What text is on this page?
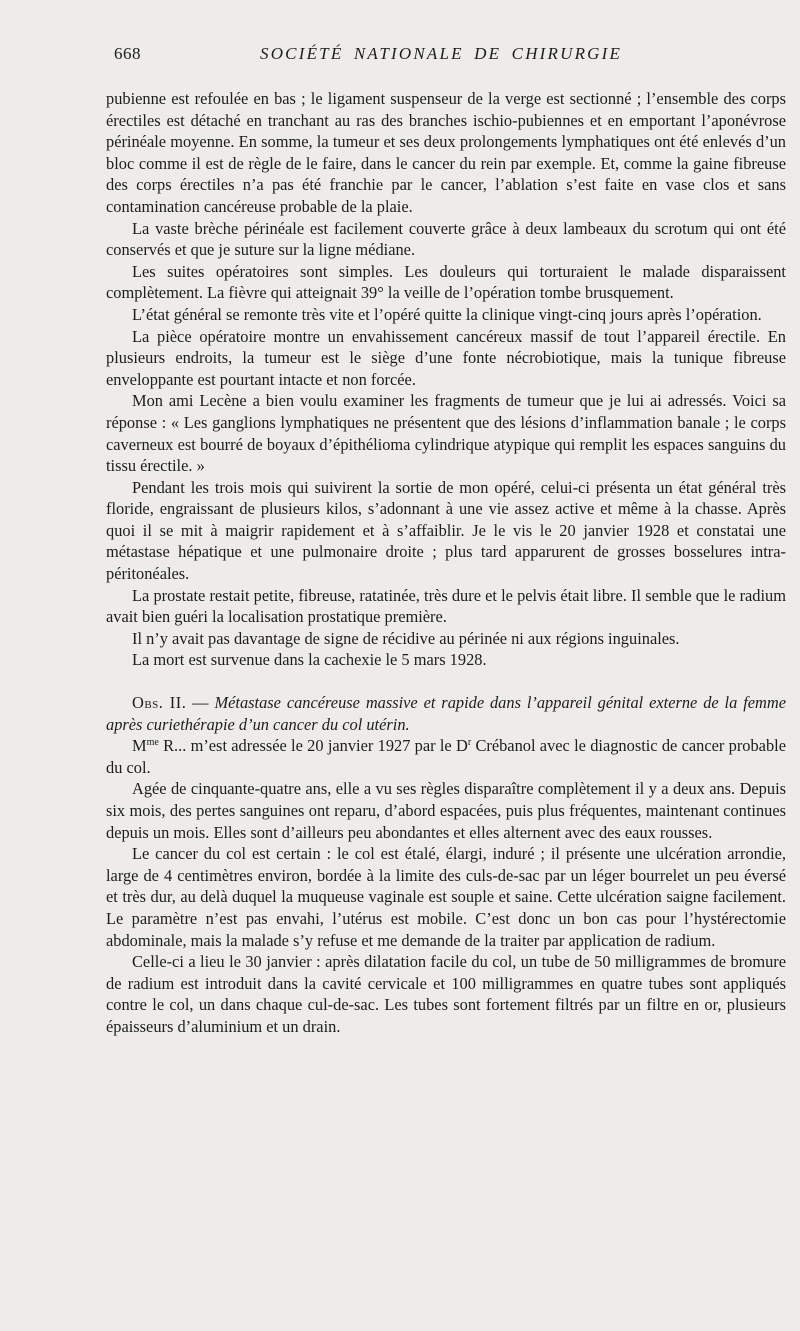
668	SOCIÉTÉ NATIONALE DE CHIRURGIE

pubienne est refoulée en bas ; le ligament suspenseur de la verge est sectionné ; l’ensemble des corps érectiles est détaché en tranchant au ras des branches ischio-pubiennes et en emportant l’aponévrose périnéale moyenne. En somme, la tumeur et ses deux prolongements lymphatiques ont été enlevés d’un bloc comme il est de règle de le faire, dans le cancer du rein par exemple. Et, comme la gaine fibreuse des corps érectiles n’a pas été franchie par le cancer, l’ablation s’est faite en vase clos et sans contamination cancéreuse probable de la plaie.

La vaste brèche périnéale est facilement couverte grâce à deux lambeaux du scrotum qui ont été conservés et que je suture sur la ligne médiane.

Les suites opératoires sont simples. Les douleurs qui torturaient le malade disparaissent complètement. La fièvre qui atteignait 39° la veille de l’opération tombe brusquement.

L’état général se remonte très vite et l’opéré quitte la clinique vingt-cinq jours après l’opération.

La pièce opératoire montre un envahissement cancéreux massif de tout l’appareil érectile. En plusieurs endroits, la tumeur est le siège d’une fonte nécrobiotique, mais la tunique fibreuse enveloppante est pourtant intacte et non forcée.

Mon ami Lecène a bien voulu examiner les fragments de tumeur que je lui ai adressés. Voici sa réponse : « Les ganglions lymphatiques ne présentent que des lésions d’inflammation banale ; le corps caverneux est bourré de boyaux d’épithélioma cylindrique atypique qui remplit les espaces sanguins du tissu érectile. »

Pendant les trois mois qui suivirent la sortie de mon opéré, celui-ci présenta un état général très floride, engraissant de plusieurs kilos, s’adonnant à une vie assez active et même à la chasse. Après quoi il se mit à maigrir rapidement et à s’affaiblir. Je le vis le 20 janvier 1928 et constatai une métastase hépatique et une pulmonaire droite ; plus tard apparurent de grosses bosselures intra-péritonéales.

La prostate restait petite, fibreuse, ratatinée, très dure et le pelvis était libre. Il semble que le radium avait bien guéri la localisation prostatique première.

Il n’y avait pas davantage de signe de récidive au périnée ni aux régions inguinales.

La mort est survenue dans la cachexie le 5 mars 1928.

Obs. II. — Métastase cancéreuse massive et rapide dans l’appareil génital externe de la femme après curiethérapie d’un cancer du col utérin.

$M^{me}$ R... m’est adressée le 20 janvier 1927 par le $D^r$ Crébanol avec le diagnostic de cancer probable du col.

Agée de cinquante-quatre ans, elle a vu ses règles disparaître complètement il y a deux ans. Depuis six mois, des pertes sanguines ont reparu, d’abord espacées, puis plus fréquentes, maintenant continues depuis un mois. Elles sont d’ailleurs peu abondantes et elles alternent avec des eaux rousses.

Le cancer du col est certain : le col est étalé, élargi, induré ; il présente une ulcération arrondie, large de 4 centimètres environ, bordée à la limite des culs-de-sac par un léger bourrelet un peu éversé et très dur, au delà duquel la muqueuse vaginale est souple et saine. Cette ulcération saigne facilement. Le paramètre n’est pas envahi, l’utérus est mobile. C’est donc un bon cas pour l’hystérectomie abdominale, mais la malade s’y refuse et me demande de la traiter par application de radium.

Celle-ci a lieu le 30 janvier : après dilatation facile du col, un tube de 50 milligrammes de bromure de radium est introduit dans la cavité cervicale et 100 milligrammes en quatre tubes sont appliqués contre le col, un dans chaque cul-de-sac. Les tubes sont fortement filtrés par un filtre en or, plusieurs épaisseurs d’aluminium et un drain.
